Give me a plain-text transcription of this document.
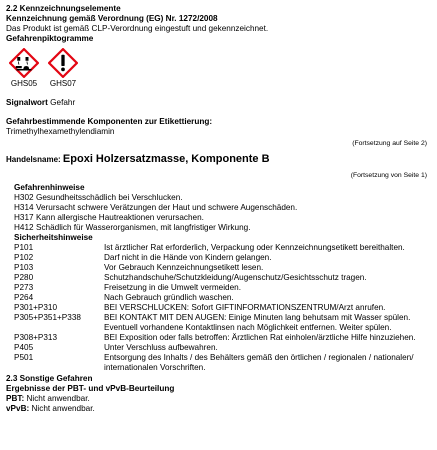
2.2 Kennzeichnungselemente
Kennzeichnung gemäß Verordnung (EG) Nr. 1272/2008
Das Produkt ist gemäß CLP-Verordnung eingestuft und gekennzeichnet.
Gefahrenpiktogramme
GHS05 GHS07
Signalwort Gefahr
Gefahrbestimmende Komponenten zur Etikettierung:
Trimethylhexamethylendiamin
(Fortsetzung auf Seite 2)
Handelsname: Epoxi Holzersatzmasse, Komponente B
(Fortsetzung von Seite 1)
Gefahrenhinweise
H302 Gesundheitsschädlich bei Verschlucken.
H314 Verursacht schwere Verätzungen der Haut und schwere Augenschäden.
H317 Kann allergische Hautreaktionen verursachen.
H412 Schädlich für Wasserorganismen, mit langfristiger Wirkung.
Sicherheitshinweise
P101	Ist ärztlicher Rat erforderlich, Verpackung oder Kennzeichnungsetikett bereithalten.
P102	Darf nicht in die Hände von Kindern gelangen.
P103	Vor Gebrauch Kennzeichnungsetikett lesen.
P280	Schutzhandschuhe/Schutzkleidung/Augenschutz/Gesichtsschutz tragen.
P273	Freisetzung in die Umwelt vermeiden.
P264	Nach Gebrauch gründlich waschen.
P301+P310	BEI VERSCHLUCKEN: Sofort GIFTINFORMATIONSZENTRUM/Arzt anrufen.
P305+P351+P338	BEI KONTAKT MIT DEN AUGEN: Einige Minuten lang behutsam mit Wasser spülen. Eventuell vorhandene Kontaktlinsen nach Möglichkeit entfernen. Weiter spülen.
P308+P313	BEI Exposition oder falls betroffen: Ärztlichen Rat einholen/ärztliche Hilfe hinzuziehen.
P405	Unter Verschluss aufbewahren.
P501	Entsorgung des Inhalts / des Behälters gemäß den örtlichen / regionalen / nationalen/ internationalen Vorschriften.
2.3 Sonstige Gefahren
Ergebnisse der PBT- und vPvB-Beurteilung
PBT: Nicht anwendbar.
vPvB: Nicht anwendbar.
